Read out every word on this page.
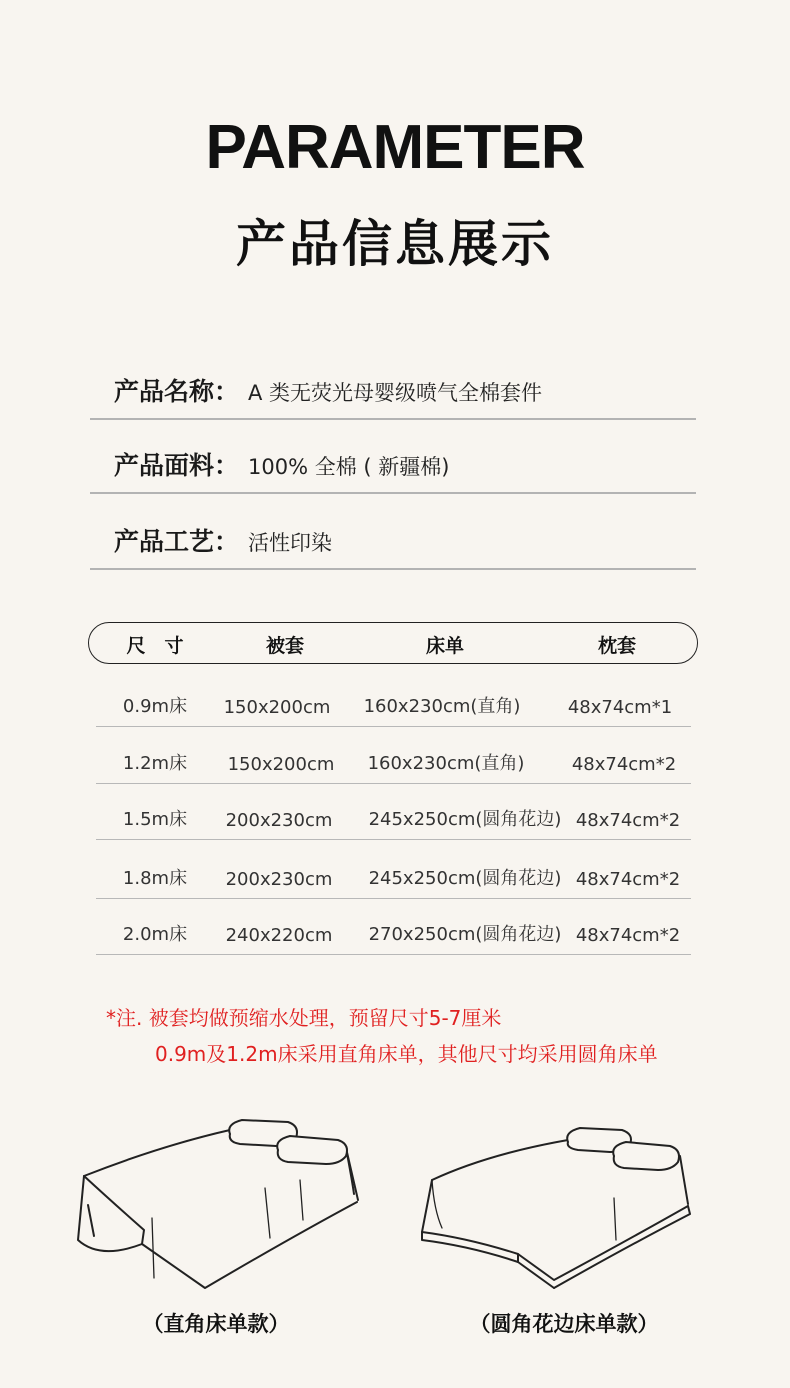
PARAMETER
产品信息展示
产品名称： A 类无荧光母婴级喷气全棉套件
产品面料： 100% 全棉 ( 新疆棉)
产品工艺： 活性印染
尺　寸	被套	床单	枕套
0.9m床	150x200cm	160x230cm(直角)	48x74cm*1
1.2m床	150x200cm	160x230cm(直角)	48x74cm*2
1.5m床	200x230cm	245x250cm(圆角花边) 48x74cm*2
1.8m床	200x230cm	245x250cm(圆角花边) 48x74cm*2
2.0m床	240x220cm	270x250cm(圆角花边) 48x74cm*2
*注. 被套均做预缩水处理，预留尺寸5-7厘米
0.9m及1.2m床采用直角床单，其他尺寸均采用圆角床单
（直角床单款）	（圆角花边床单款）
